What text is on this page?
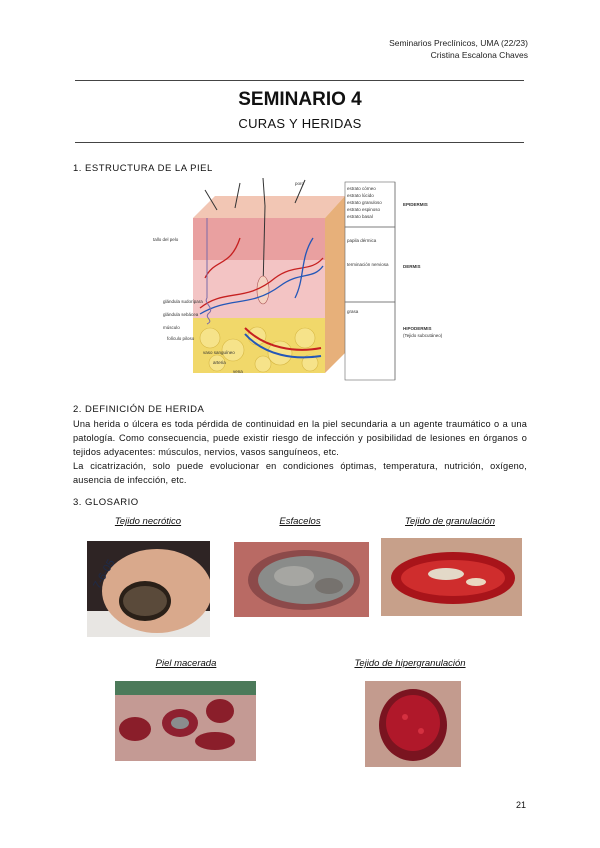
Seminarios Preclínicos, UMA (22/23)
Cristina Escalona Chaves
SEMINARIO 4
CURAS Y HERIDAS
1. ESTRUCTURA DE LA PIEL
tallo del pelo
glándula sudorípara
glándula sebácea
músculo
folículo piloso
vaso sanguíneo
arteria
vena
poro
estrato córneo
estrato lúcido
estrato granuloso
estrato espinoso
estrato basal
papila dérmica
terminación nerviosa
grasa
EPIDERMIS
DERMIS
HIPODERMIS
(Tejido subcutáneo)
2. DEFINICIÓN DE HERIDA
Una herida o úlcera es toda pérdida de continuidad en la piel secundaria a un agente traumático o a una patología. Como consecuencia, puede existir riesgo de infección y posibilidad de lesiones en órganos o tejidos adyacentes: músculos, nervios, vasos sanguíneos, etc.
La cicatrización, solo puede evolucionar en condiciones óptimas, temperatura, nutrición, oxígeno, ausencia de infección, etc.
3. GLOSARIO
Tejido necrótico	Esfacelos	Tejido de granulación
Piel macerada	Tejido de hipergranulación
7-6-05
21
